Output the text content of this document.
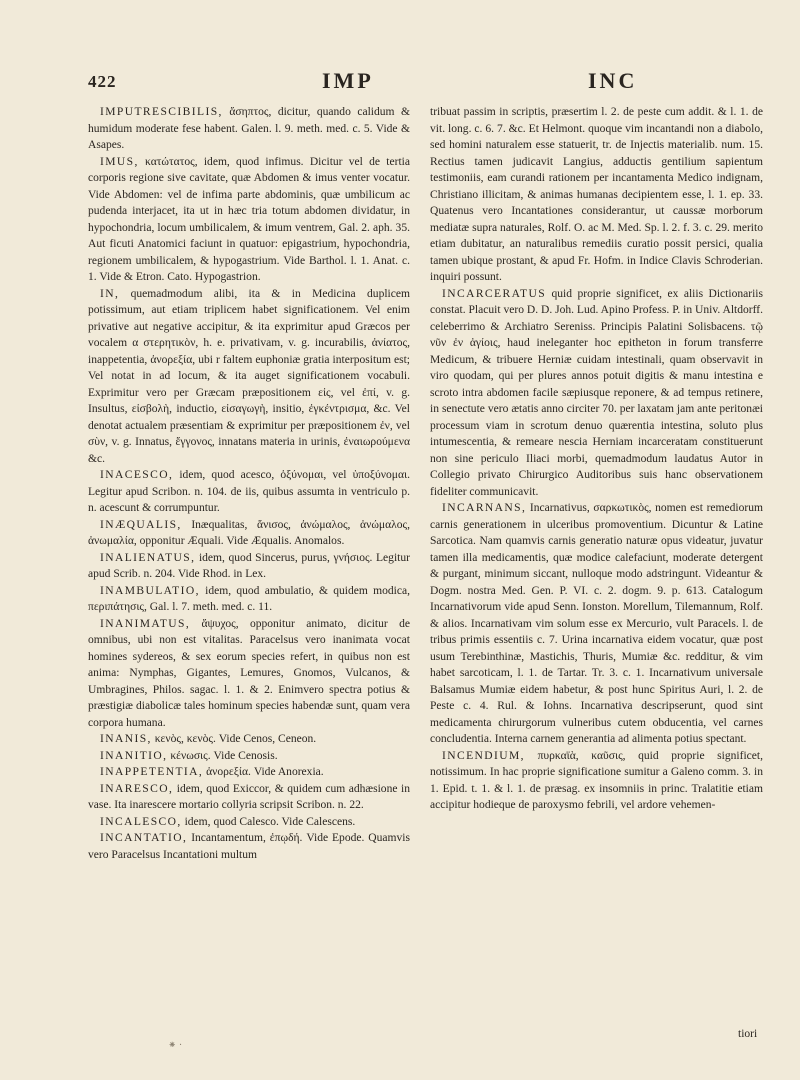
422	IMP	INC

IMPUTRESCIBILIS, ἄσηπτος, dicitur, quando calidum & humidum moderate fese habent. Galen. l. 9. meth. med. c. 5. Vide & Asapes.

IMUS, κατώτατος, idem, quod infimus. Dicitur vel de tertia corporis regione sive cavitate, quæ Abdomen & imus venter vocatur. Vide Abdomen: vel de infima parte abdominis, quæ umbilicum ac pudenda interjacet, ita ut in hæc tria totum abdomen dividatur, in hypochondria, locum umbilicalem, & imum ventrem, Gal. 2. aph. 35. Aut ficuti Anatomici faciunt in quatuor: epigastrium, hypochondria, regionem umbilicalem, & hypogastrium. Vide Barthol. l. 1. Anat. c. 1. Vide & Etron. Cato. Hypogastrion.

IN, quemadmodum alibi, ita & in Medicina duplicem potissimum, aut etiam triplicem habet significationem. Vel enim privative aut negative accipitur, & ita exprimitur apud Græcos per vocalem α στερητικὸν, h. e. privativam, v. g. incurabilis, ἀνίατος, inappetentia, ἀνορεξία, ubi r faltem euphoniæ gratia interpositum est; Vel notat in ad locum, & ita auget significationem vocabuli. Exprimitur vero per Græcam præpositionem εἰς, vel ἐπί, v. g. Insultus, εἰσβολὴ, inductio, εἰσαγωγὴ, insitio, ἐγκέντρισμα, &c. Vel denotat actualem præsentiam & exprimitur per præpositionem ἐν, vel σὺν, v. g. Innatus, ἔγγονος, innatans materia in urinis, ἐναιωρούμενα &c.

INACESCO, idem, quod acesco, ὀξύνομαι, vel ὑποξύνομαι. Legitur apud Scribon. n. 104. de iis, quibus assumta in ventriculo p. n. acescunt & corrumpuntur.

INÆQUALIS, Inæqualitas, ἄνισος, ἀνώμαλος, ἀνώμαλος, ἀνωμαλία, opponitur Æquali. Vide Æqualis. Anomalos.

INALIENATUS, idem, quod Sincerus, purus, γνήσιος. Legitur apud Scrib. n. 204. Vide Rhod. in Lex.

INAMBULATIO, idem, quod ambulatio, & quidem modica, περιπάτησις, Gal. l. 7. meth. med. c. 11.

INANIMATUS, ἄψυχος, opponitur animato, dicitur de omnibus, ubi non est vitalitas. Paracelsus vero inanimata vocat homines sydereos, & sex eorum species refert, in quibus non est anima: Nymphas, Gigantes, Lemures, Gnomos, Vulcanos, & Umbragines, Philos. sagac. l. 1. & 2. Enimvero spectra potius & præstigiæ diabolicæ tales hominum species habendæ sunt, quam vera corpora humana.

INANIS, κενὸς, κενὸς. Vide Cenos, Ceneon.

INANITIO, κένωσις. Vide Cenosis.

INAPPETENTIA, ἀνορεξία. Vide Anorexia.

INARESCO, idem, quod Exiccor, & quidem cum adhæsione in vase. Ita inarescere mortario collyria scripsit Scribon. n. 22.

INCALESCO, idem, quod Calesco. Vide Calescens.

INCANTATIO, Incantamentum, ἐπῳδή. Vide Epode. Quamvis vero Paracelsus Incantationi multum

tribuat passim in scriptis, præsertim l. 2. de peste cum addit. & l. 1. de vit. long. c. 6. 7. &c. Et Helmont. quoque vim incantandi non a diabolo, sed homini naturalem esse statuerit, tr. de Injectis materialib. num. 15. Rectius tamen judicavit Langius, adductis gentilium sapientum testimoniis, eam curandi rationem per incantamenta Medico indignam, Christiano illicitam, & animas humanas decipientem esse, l. 1. ep. 33. Quatenus vero Incantationes considerantur, ut caussæ morborum mediatæ supra naturales, Rolf. O. ac M. Med. Sp. l. 2. f. 3. c. 29. merito etiam dubitatur, an naturalibus remediis curatio possit persici, qualia tamen ubique prostant, & apud Fr. Hofm. in Indice Clavis Schroderian. inquiri possunt.

INCARCERATUS quid proprie significet, ex aliis Dictionariis constat. Placuit vero D. D. Joh. Lud. Apino Profess. P. in Univ. Altdorff. celeberrimo & Archiatro Sereniss. Principis Palatini Solisbacens. τῷ νῦν ἐν ἁγίοις, haud ineleganter hoc epitheton in forum transferre Medicum, & tribuere Herniæ cuidam intestinali, quam observavit in viro quodam, qui per plures annos potuit digitis & manu intestina e scroto intra abdomen facile sæpiusque reponere, & ad tempus retinere, in senectute vero ætatis anno circiter 70. per laxatam jam ante peritonæi processum viam in scrotum denuo quærentia intestina, soluto plus intumescentia, & remeare nescia Herniam incarceratam constituerunt non sine periculo Iliaci morbi, quemadmodum laudatus Autor in Collegio privato Chirurgico Auditoribus suis hanc observationem fideliter communicavit.

INCARNANS, Incarnativus, σαρκωτικὸς, nomen est remediorum carnis generationem in ulceribus promoventium. Dicuntur & Latine Sarcotica. Nam quamvis carnis generatio naturæ opus videatur, juvatur tamen illa medicamentis, quæ modice calefaciunt, moderate detergent & purgant, minimum siccant, nulloque modo adstringunt. Videantur & Dogm. nostra Med. Gen. P. VI. c. 2. dogm. 9. p. 613. Catalogum Incarnativorum vide apud Senn. Ionston. Morellum, Tilemannum, Rolf. & alios. Incarnativam vim solum esse ex Mercurio, vult Paracels. l. de tribus primis essentiis c. 7. Urina incarnativa eidem vocatur, quæ post usum Terebinthinæ, Mastichis, Thuris, Mumiæ &c. redditur, & vim habet sarcoticam, l. 1. de Tartar. Tr. 3. c. 1. Incarnativum universale Balsamus Mumiæ eidem habetur, & post hunc Spiritus Auri, l. 2. de Peste c. 4. Rul. & Iohns. Incarnativa descripserunt, quod sint medicamenta chirurgorum vulneribus cutem obducentia, vel carnes concludentia. Interna carnem generantia ad alimenta potius spectant.

INCENDIUM, πυρκαϊὰ, καῦσις, quid proprie significet, notissimum. In hac proprie significatione sumitur a Galeno comm. 3. in 1. Epid. t. 1. & l. 1. de præsag. ex insomniis in princ. Tralatitie etiam accipitur hodieque de paroxysmo febrili, vel ardore vehemen-

tiori
⁕ ·
